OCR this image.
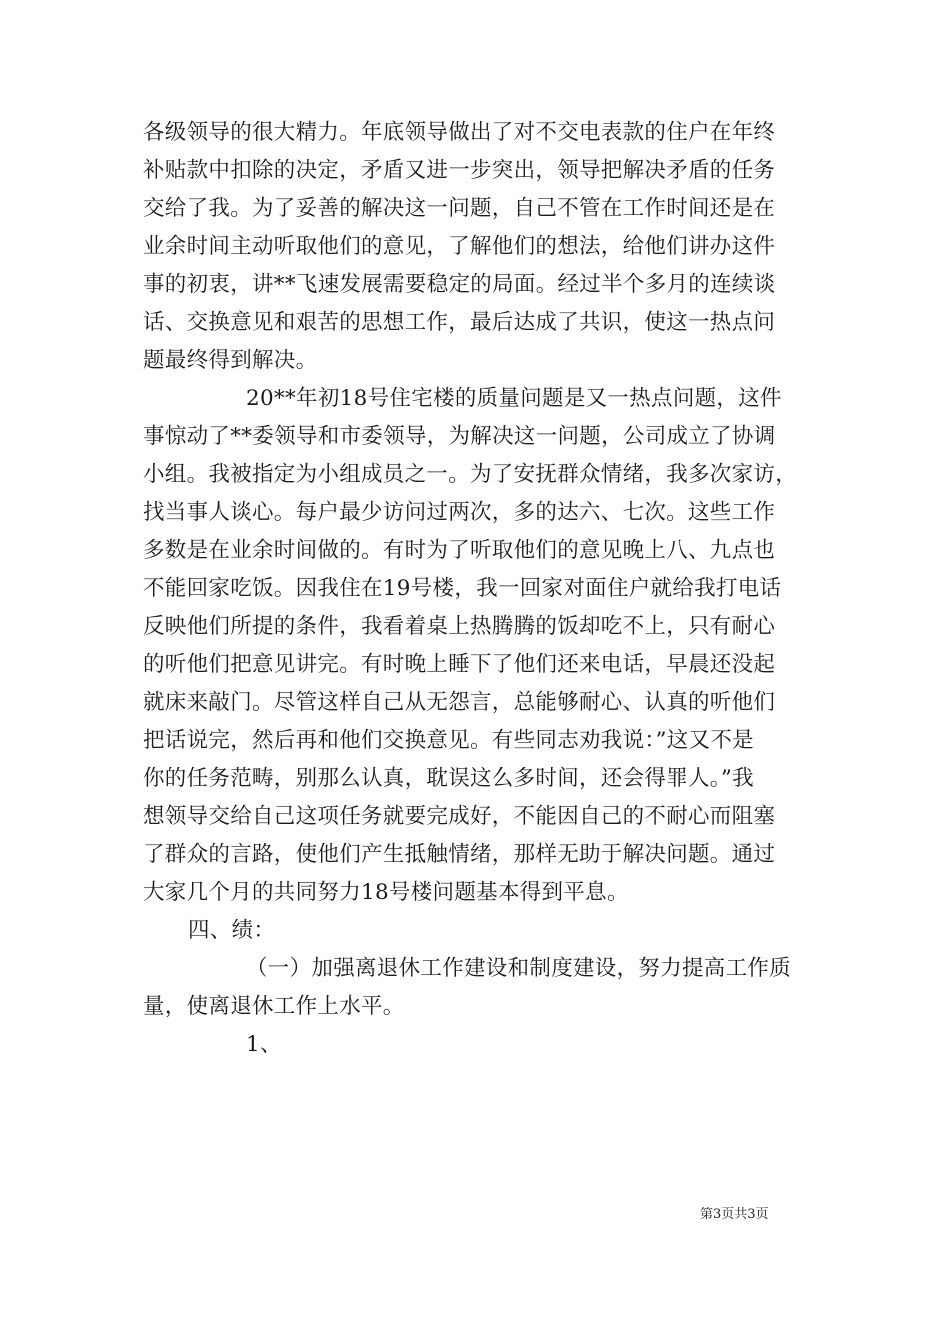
各级领导的很大精力。年底领导做出了对不交电表款的住户在年终
补贴款中扣除的决定，矛盾又进一步突出，领导把解决矛盾的任务
交给了我。为了妥善的解决这一问题，自己不管在工作时间还是在
业余时间主动听取他们的意见，了解他们的想法，给他们讲办这件
事的初衷，讲**飞速发展需要稳定的局面。经过半个多月的连续谈
话、交换意见和艰苦的思想工作，最后达成了共识，使这一热点问
题最终得到解决。
20**年初18号住宅楼的质量问题是又一热点问题，这件
事惊动了**委领导和市委领导，为解决这一问题，公司成立了协调
小组。我被指定为小组成员之一。为了安抚群众情绪，我多次家访，
找当事人谈心。每户最少访问过两次，多的达六、七次。这些工作
多数是在业余时间做的。有时为了听取他们的意见晚上八、九点也
不能回家吃饭。因我住在19号楼，我一回家对面住户就给我打电话
反映他们所提的条件，我看着桌上热腾腾的饭却吃不上，只有耐心
的听他们把意见讲完。有时晚上睡下了他们还来电话，早晨还没起
就床来敲门。尽管这样自己从无怨言，总能够耐心、认真的听他们
把话说完，然后再和他们交换意见。有些同志劝我说：”这又不是
你的任务范畴，别那么认真，耽误这么多时间，还会得罪人。”我
想领导交给自己这项任务就要完成好，不能因自己的不耐心而阻塞
了群众的言路，使他们产生抵触情绪，那样无助于解决问题。通过
大家几个月的共同努力18号楼问题基本得到平息。
四、绩：
（一）加强离退休工作建设和制度建设，努力提高工作质
量，使离退休工作上水平。
1、
第3页共3页
